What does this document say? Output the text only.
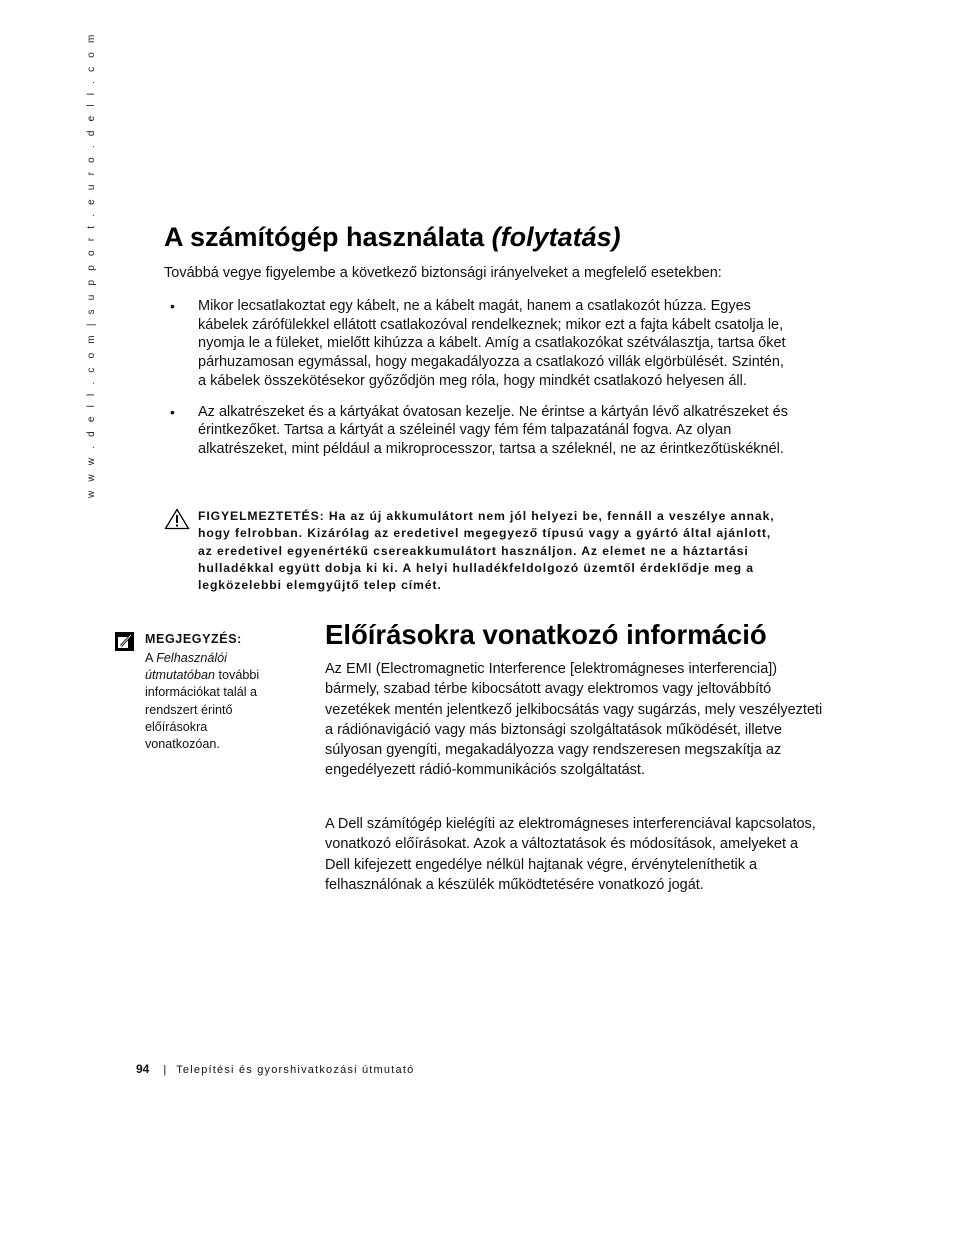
w w w . d e l l . c o m | s u p p o r t . e u r o . d e l l . c o m A számítógép használata (folytatás)
Továbbá vegye figyelembe a következő biztonsági irányelveket a megfelelő esetekben:
• Mikor lecsatlakoztat egy kábelt, ne a kábelt magát, hanem a csatlakozót húzza. Egyes kábelek zárófülekkel ellátott csatlakozóval rendelkeznek; mikor ezt a fajta kábelt csatolja le, nyomja le a füleket, mielőtt kihúzza a kábelt. Amíg a csatlakozókat szétválasztja, tartsa őket párhuzamosan egymással, hogy megakadályozza a csatlakozó villák elgörbülését. Szintén, a kábelek összekötésekor győződjön meg róla, hogy mindkét csatlakozó helyesen áll.
• Az alkatrészeket és a kártyákat óvatosan kezelje. Ne érintse a kártyán lévő alkatrészeket és érintkezőket. Tartsa a kártyát a széleinél vagy fém fém talpazatánál fogva. Az olyan alkatrészeket, mint például a mikroprocesszor, tartsa a széleknél, ne az érintkezőtüskéknél.
FIGYELMEZTETÉS: Ha az új akkumulátort nem jól helyezi be, fennáll a veszélye annak, hogy felrobban. Kizárólag az eredetivel megegyező típusú vagy a gyártó által ajánlott, az eredetivel egyenértékű csereakkumulátort használjon. Az elemet ne a háztartási hulladékkal együtt dobja ki ki. A helyi hulladékfeldolgozó üzemtől érdeklődje meg a legközelebbi elemgyűjtő telep címét.
MEGJEGYZÉS:
A Felhasználói útmutatóban további információkat talál a rendszert érintő előírásokra vonatkozóan.
Előírásokra vonatkozó információ

Az EMI (Electromagnetic Interference [elektromágneses interferencia]) bármely, szabad térbe kibocsátott avagy elektromos vagy jeltovábbító vezetékek mentén jelentkező jelkibocsátás vagy sugárzás, mely veszélyezteti a rádiónavigáció vagy más biztonsági szolgáltatások működését, illetve súlyosan gyengíti, megakadályozza vagy rendszeresen megszakítja az engedélyezett rádió-kommunikációs szolgáltatást.

A Dell számítógép kielégíti az elektromágneses interferenciával kapcsolatos, vonatkozó előírásokat. Azok a változtatások és módosítások, amelyeket a Dell kifejezett engedélye nélkül hajtanak végre, érvényteleníthetik a felhasználónak a készülék működtetésére vonatkozó jogát.

94 | Telepítési és gyorshivatkozási útmutató
